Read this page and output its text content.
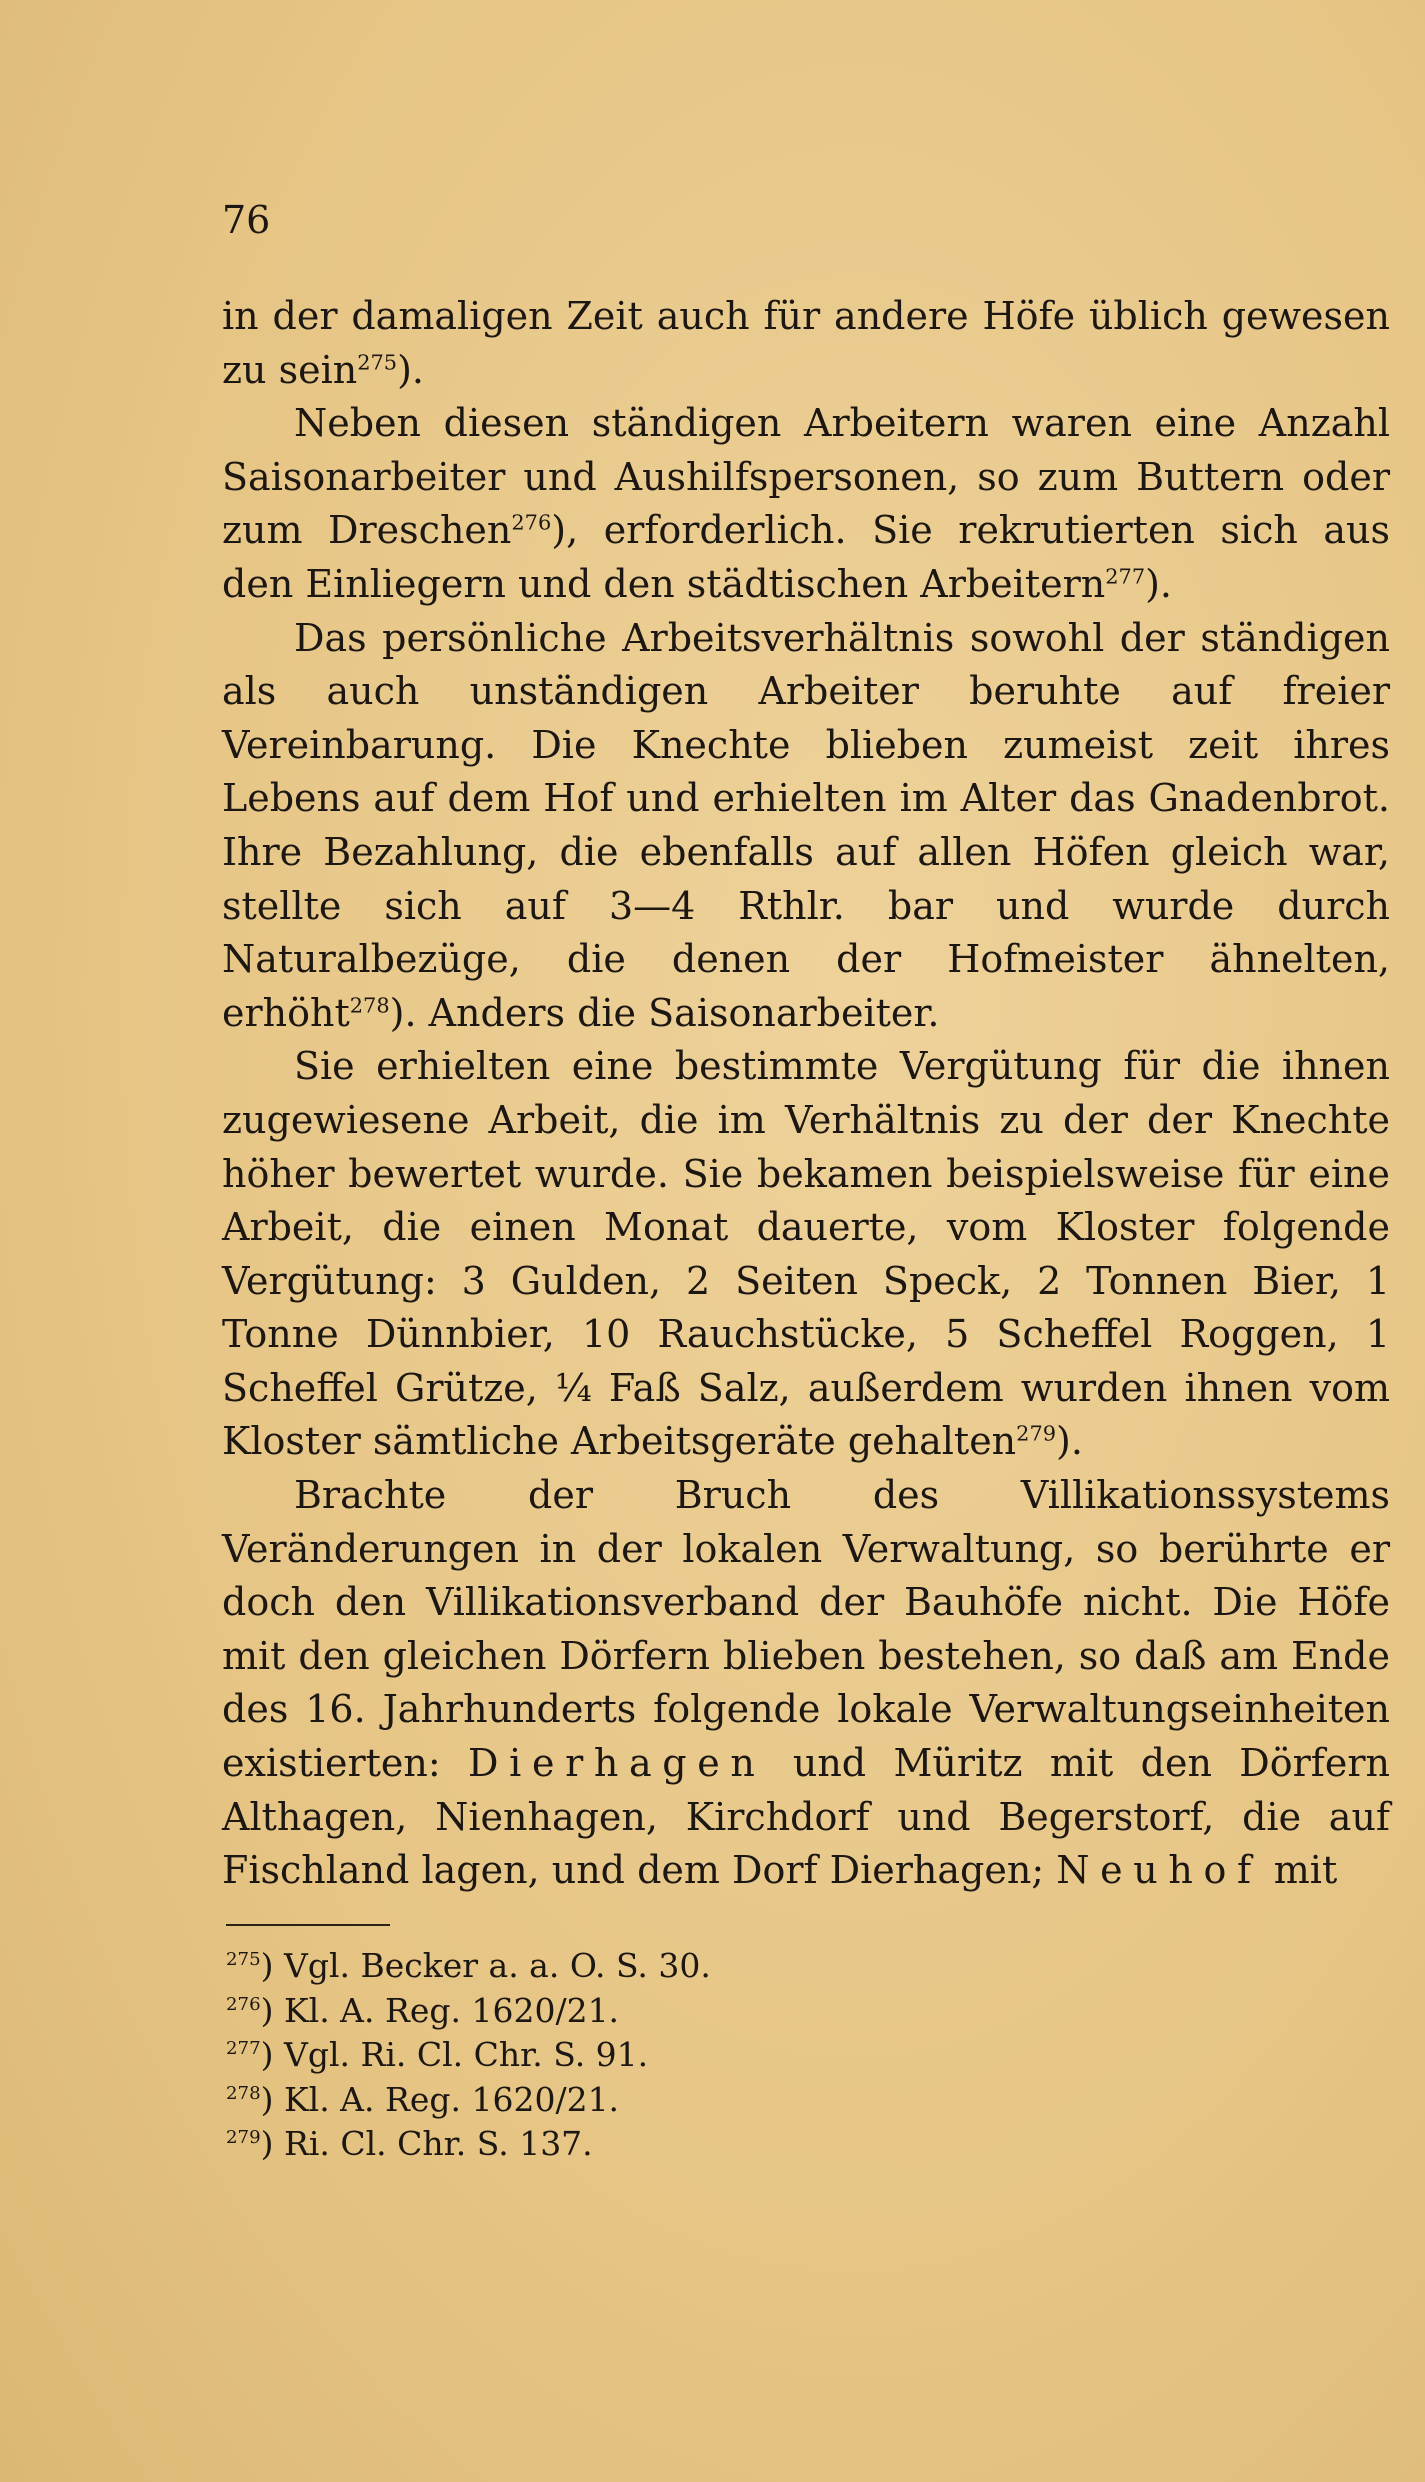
76

in der damaligen Zeit auch für andere Höfe üblich gewesen zu sein$^{275}$).

Neben diesen ständigen Arbeitern waren eine Anzahl Saisonarbeiter und Aushilfspersonen, so zum Buttern oder zum Dreschen$^{276}$), erforderlich. Sie rekrutierten sich aus den Einliegern und den städtischen Arbeitern$^{277}$).

Das persönliche Arbeitsverhältnis sowohl der ständigen als auch unständigen Arbeiter beruhte auf freier Vereinbarung. Die Knechte blieben zumeist zeit ihres Lebens auf dem Hof und erhielten im Alter das Gnadenbrot. Ihre Bezahlung, die ebenfalls auf allen Höfen gleich war, stellte sich auf 3—4 Rthlr. bar und wurde durch Naturalbezüge, die denen der Hofmeister ähnelten, erhöht$^{278}$). Anders die Saisonarbeiter.

Sie erhielten eine bestimmte Vergütung für die ihnen zugewiesene Arbeit, die im Verhältnis zu der der Knechte höher bewertet wurde. Sie bekamen beispielsweise für eine Arbeit, die einen Monat dauerte, vom Kloster folgende Vergütung: 3 Gulden, 2 Seiten Speck, 2 Tonnen Bier, 1 Tonne Dünnbier, 10 Rauchstücke, 5 Scheffel Roggen, 1 Scheffel Grütze, ¼ Faß Salz, außerdem wurden ihnen vom Kloster sämtliche Arbeitsgeräte gehalten$^{279}$).

Brachte der Bruch des Villikationssystems Veränderungen in der lokalen Verwaltung, so berührte er doch den Villikationsverband der Bauhöfe nicht. Die Höfe mit den gleichen Dörfern blieben bestehen, so daß am Ende des 16. Jahrhunderts folgende lokale Verwaltungseinheiten existierten: Dierhagen und Müritz mit den Dörfern Althagen, Nienhagen, Kirchdorf und Begerstorf, die auf Fischland lagen, und dem Dorf Dierhagen; Neuhof mit

$^{275}$) Vgl. Becker a. a. O. S. 30.
$^{276}$) Kl. A. Reg. 1620/21.
$^{277}$) Vgl. Ri. Cl. Chr. S. 91.
$^{278}$) Kl. A. Reg. 1620/21.
$^{279}$) Ri. Cl. Chr. S. 137.
